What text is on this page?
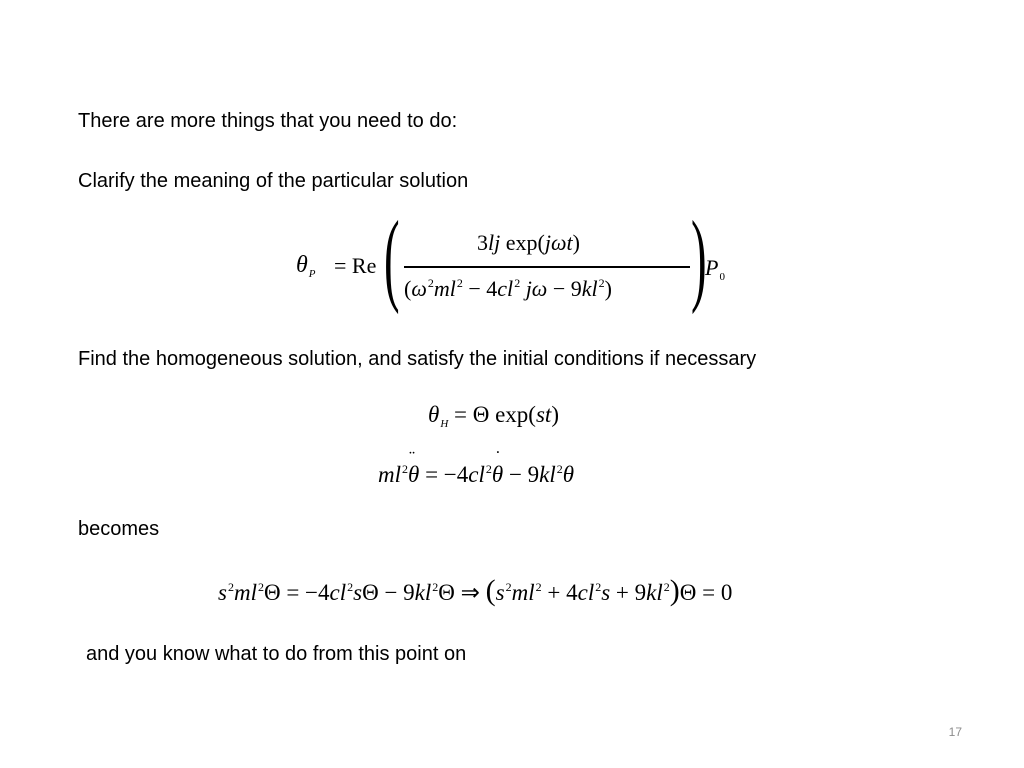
There are more things that you need to do:
Clarify the meaning of the particular solution
$\theta_P = Re$ (	3lj exp(jωt)
($\omega^2ml^2 - 4cl^2$ $j\omega - 9kl^2$) )
$P_0$
Find the homogeneous solution, and satisfy the initial conditions if necessary
$\theta_H = \Theta$ exp(st)
$ml^2\theta$
¨
= $-4cl^2\theta$
˙
− $9kl^2\theta$
becomes
$s^2ml^2\Theta = -4cl^2s\Theta - 9kl^2\Theta$ ⇒ $(s^2ml^2 + 4cl^2s + 9kl^2)\Theta = 0$
and you know what to do from this point on
17
